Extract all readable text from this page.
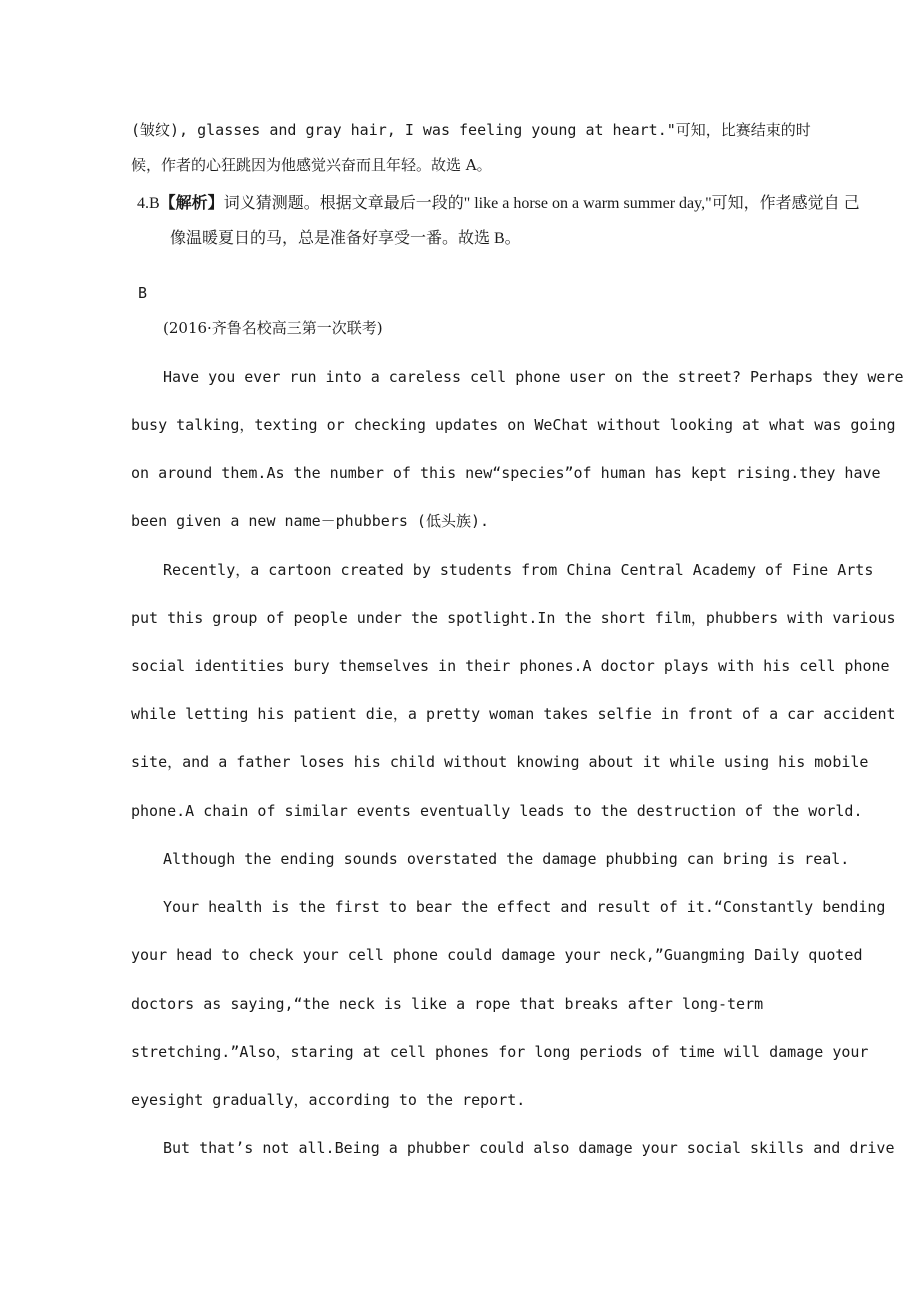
(皱纹), glasses and gray hair, I was feeling young at heart."可知，比赛结束的时
候，作者的心狂跳因为他感觉兴奋而且年轻。故选 A。
4.B【解析】词义猜测题。根据文章最后一段的" like a horse on a warm summer day,"可知，作者感觉自 己
像温暖夏日的马，总是准备好享受一番。故选 B。
B
(2016·齐鲁名校高三第一次联考)
Have you ever run into a careless cell phone user on the street? Perhaps they were
busy talking，texting or checking updates on WeChat without looking at what was going
on around them.As the number of this new“species”of human has kept rising.they have
been given a new name－phubbers (低头族).
Recently，a cartoon created by students from China Central Academy of Fine Arts
put this group of people under the spotlight.In the short film，phubbers with various
social identities bury themselves in their phones.A doctor plays with his cell phone
while letting his patient die，a pretty woman takes selfie in front of a car accident
site，and a father loses his child without knowing about it while using his mobile
phone.A chain of similar events eventually leads to the destruction of the world.
Although the ending sounds overstated the damage phubbing can bring is real.
Your health is the first to bear the effect and result of it.“Constantly bending
your head to check your cell phone could damage your neck,”Guangming Daily quoted
doctors as saying,“the neck is like a rope that breaks after long-term
stretching.”Also，staring at cell phones for long periods of time will damage your
eyesight gradually，according to the report.
But that’s not all.Being a phubber could also damage your social skills and drive
